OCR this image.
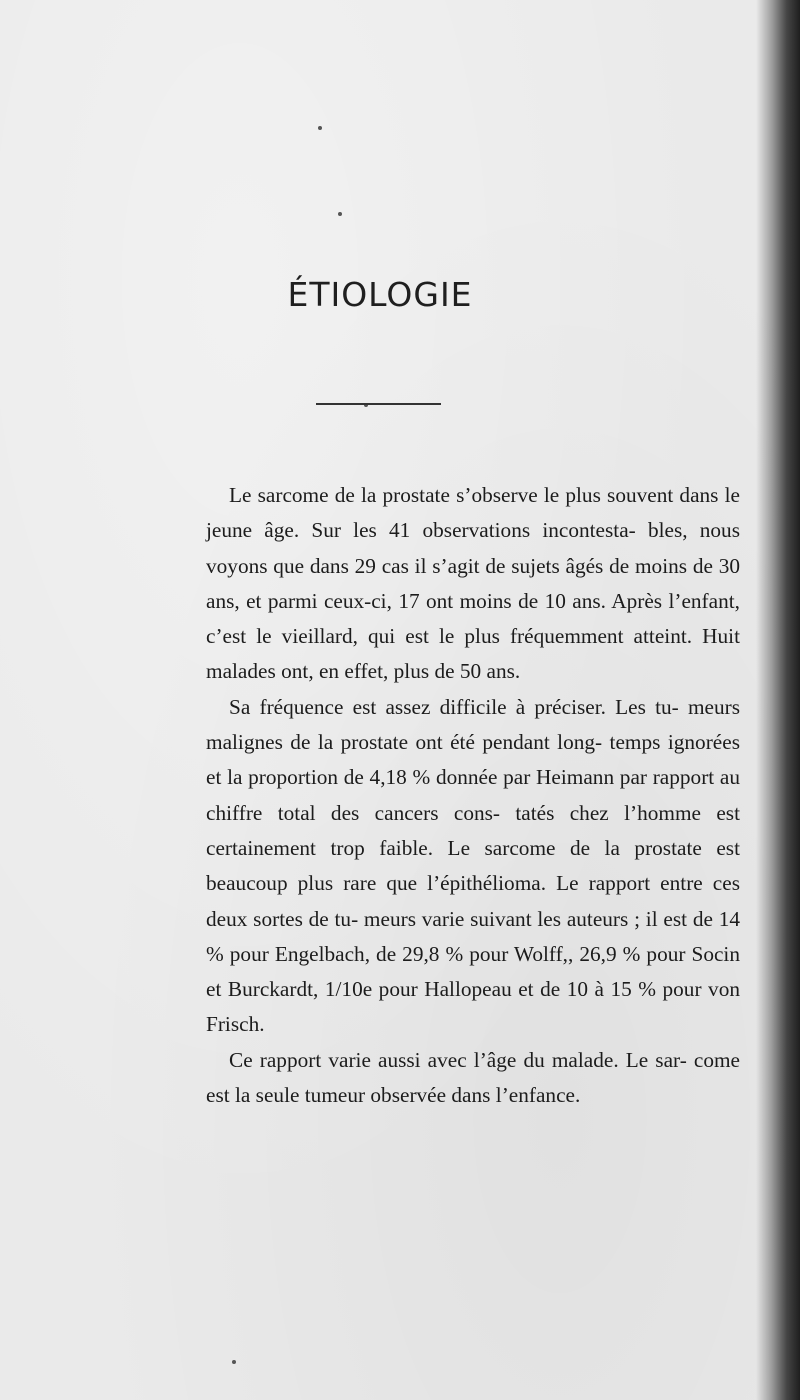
ÉTIOLOGIE

Le sarcome de la prostate s’observe le plus souvent dans le jeune âge. Sur les 41 observations incontesta- bles, nous voyons que dans 29 cas il s’agit de sujets âgés de moins de 30 ans, et parmi ceux-ci, 17 ont moins de 10 ans. Après l’enfant, c’est le vieillard, qui est le plus fréquemment atteint. Huit malades ont, en effet, plus de 50 ans.

Sa fréquence est assez difficile à préciser. Les tu- meurs malignes de la prostate ont été pendant long- temps ignorées et la proportion de 4,18 % donnée par Heimann par rapport au chiffre total des cancers cons- tatés chez l’homme est certainement trop faible. Le sarcome de la prostate est beaucoup plus rare que l’épithélioma. Le rapport entre ces deux sortes de tu- meurs varie suivant les auteurs ; il est de 14 % pour Engelbach, de 29,8 % pour Wolff,, 26,9 % pour Socin et Burckardt, 1/10e pour Hallopeau et de 10 à 15 % pour von Frisch.

Ce rapport varie aussi avec l’âge du malade. Le sar- come est la seule tumeur observée dans l’enfance.
